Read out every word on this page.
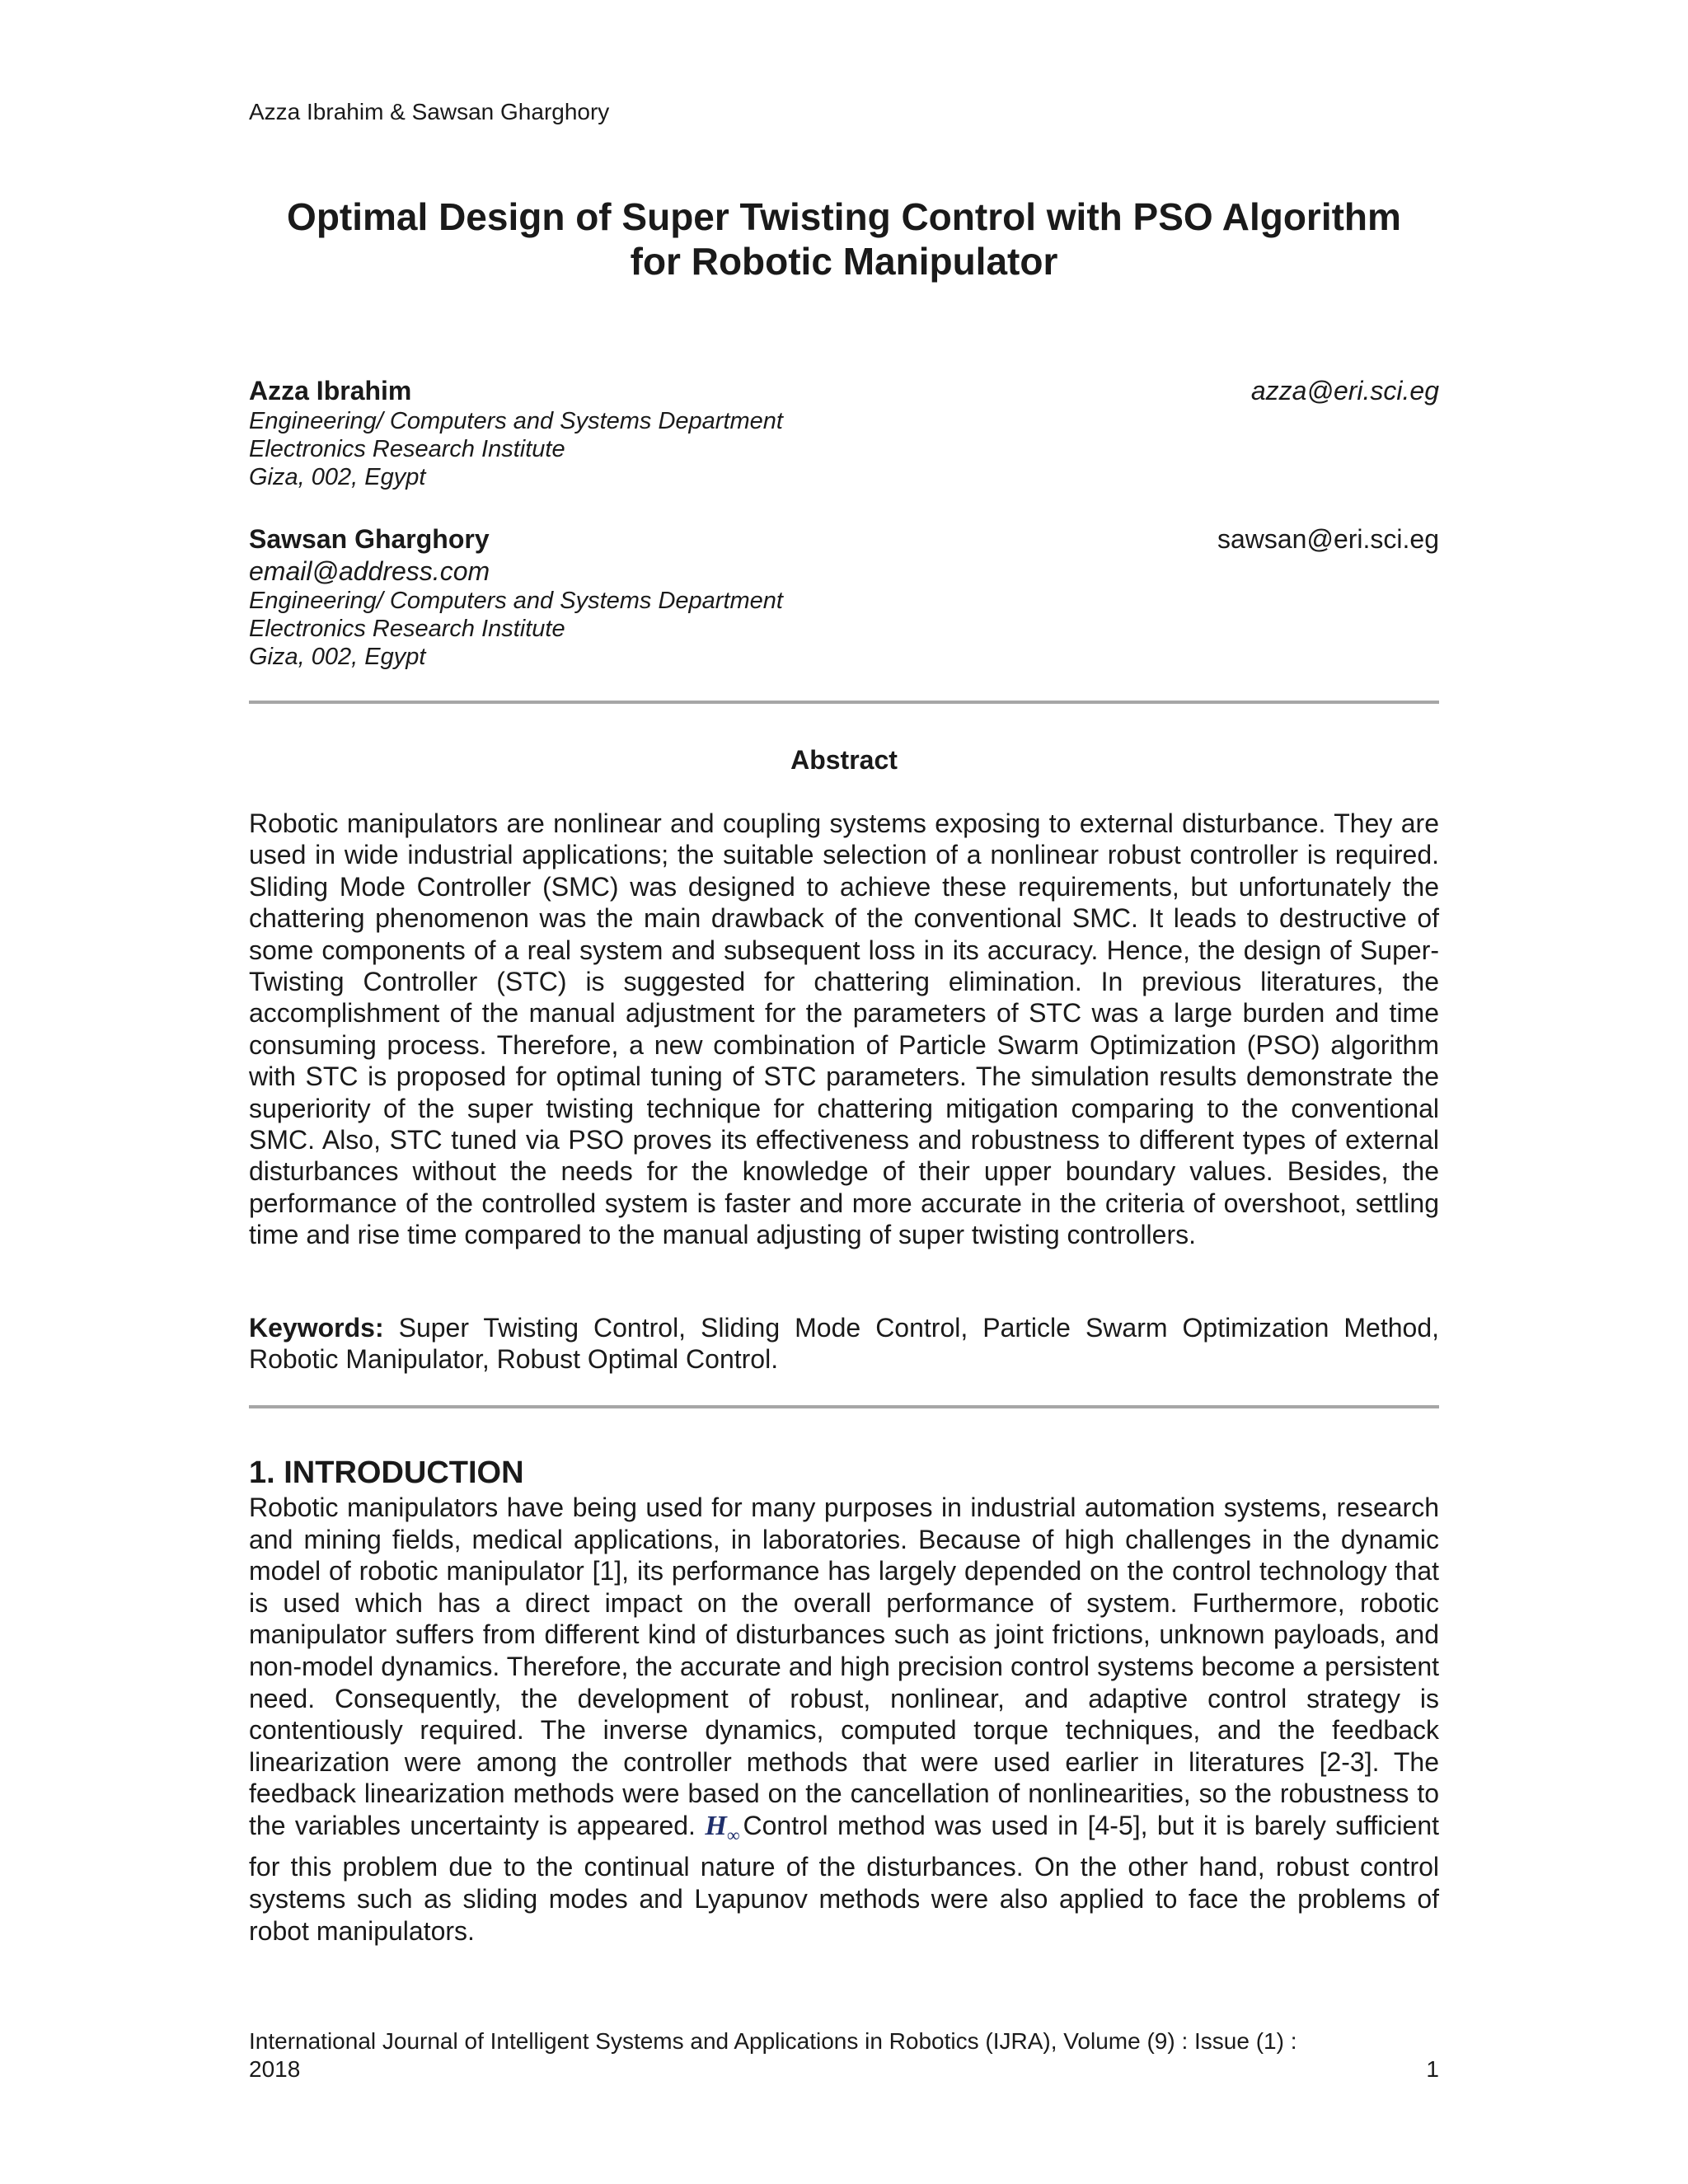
Azza Ibrahim & Sawsan Gharghory
Optimal Design of Super Twisting Control with PSO Algorithm
for Robotic Manipulator
Azza Ibrahim	azza@eri.sci.eg
Engineering/ Computers and Systems Department
Electronics Research Institute
Giza, 002, Egypt
Sawsan Gharghory	sawsan@eri.sci.eg
email@address.com
Engineering/ Computers and Systems Department
Electronics Research Institute
Giza, 002, Egypt
Abstract
Robotic manipulators are nonlinear and coupling systems exposing to external disturbance. They are used in wide industrial applications; the suitable selection of a nonlinear robust controller is required. Sliding Mode Controller (SMC) was designed to achieve these requirements, but unfortunately the chattering phenomenon was the main drawback of the conventional SMC. It leads to destructive of some components of a real system and subsequent loss in its accuracy. Hence, the design of Super-Twisting Controller (STC) is suggested for chattering elimination. In previous literatures, the accomplishment of the manual adjustment for the parameters of STC was a large burden and time consuming process. Therefore, a new combination of Particle Swarm Optimization (PSO) algorithm with STC is proposed for optimal tuning of STC parameters. The simulation results demonstrate the superiority of the super twisting technique for chattering mitigation comparing to the conventional SMC. Also, STC tuned via PSO proves its effectiveness and robustness to different types of external disturbances without the needs for the knowledge of their upper boundary values. Besides, the performance of the controlled system is faster and more accurate in the criteria of overshoot, settling time and rise time compared to the manual adjusting of super twisting controllers.
Keywords: Super Twisting Control, Sliding Mode Control, Particle Swarm Optimization Method, Robotic Manipulator, Robust Optimal Control.
1. INTRODUCTION
Robotic manipulators have being used for many purposes in industrial automation systems, research and mining fields, medical applications, in laboratories. Because of high challenges in the dynamic model of robotic manipulator [1], its performance has largely depended on the control technology that is used which has a direct impact on the overall performance of system. Furthermore, robotic manipulator suffers from different kind of disturbances such as joint frictions, unknown payloads, and non-model dynamics. Therefore, the accurate and high precision control systems become a persistent need. Consequently, the development of robust, nonlinear, and adaptive control strategy is contentiously required. The inverse dynamics, computed torque techniques, and the feedback linearization were among the controller methods that were used earlier in literatures [2-3]. The feedback linearization methods were based on the cancellation of nonlinearities, so the robustness to the variables uncertainty is appeared. $H_\infty$ Control method was used in [4-5], but it is barely sufficient for this problem due to the continual nature of the disturbances. On the other hand, robust control systems such as sliding modes and Lyapunov methods were also applied to face the problems of robot manipulators.
International Journal of Intelligent Systems and Applications in Robotics (IJRA), Volume (9) : Issue (1) :
2018	1
